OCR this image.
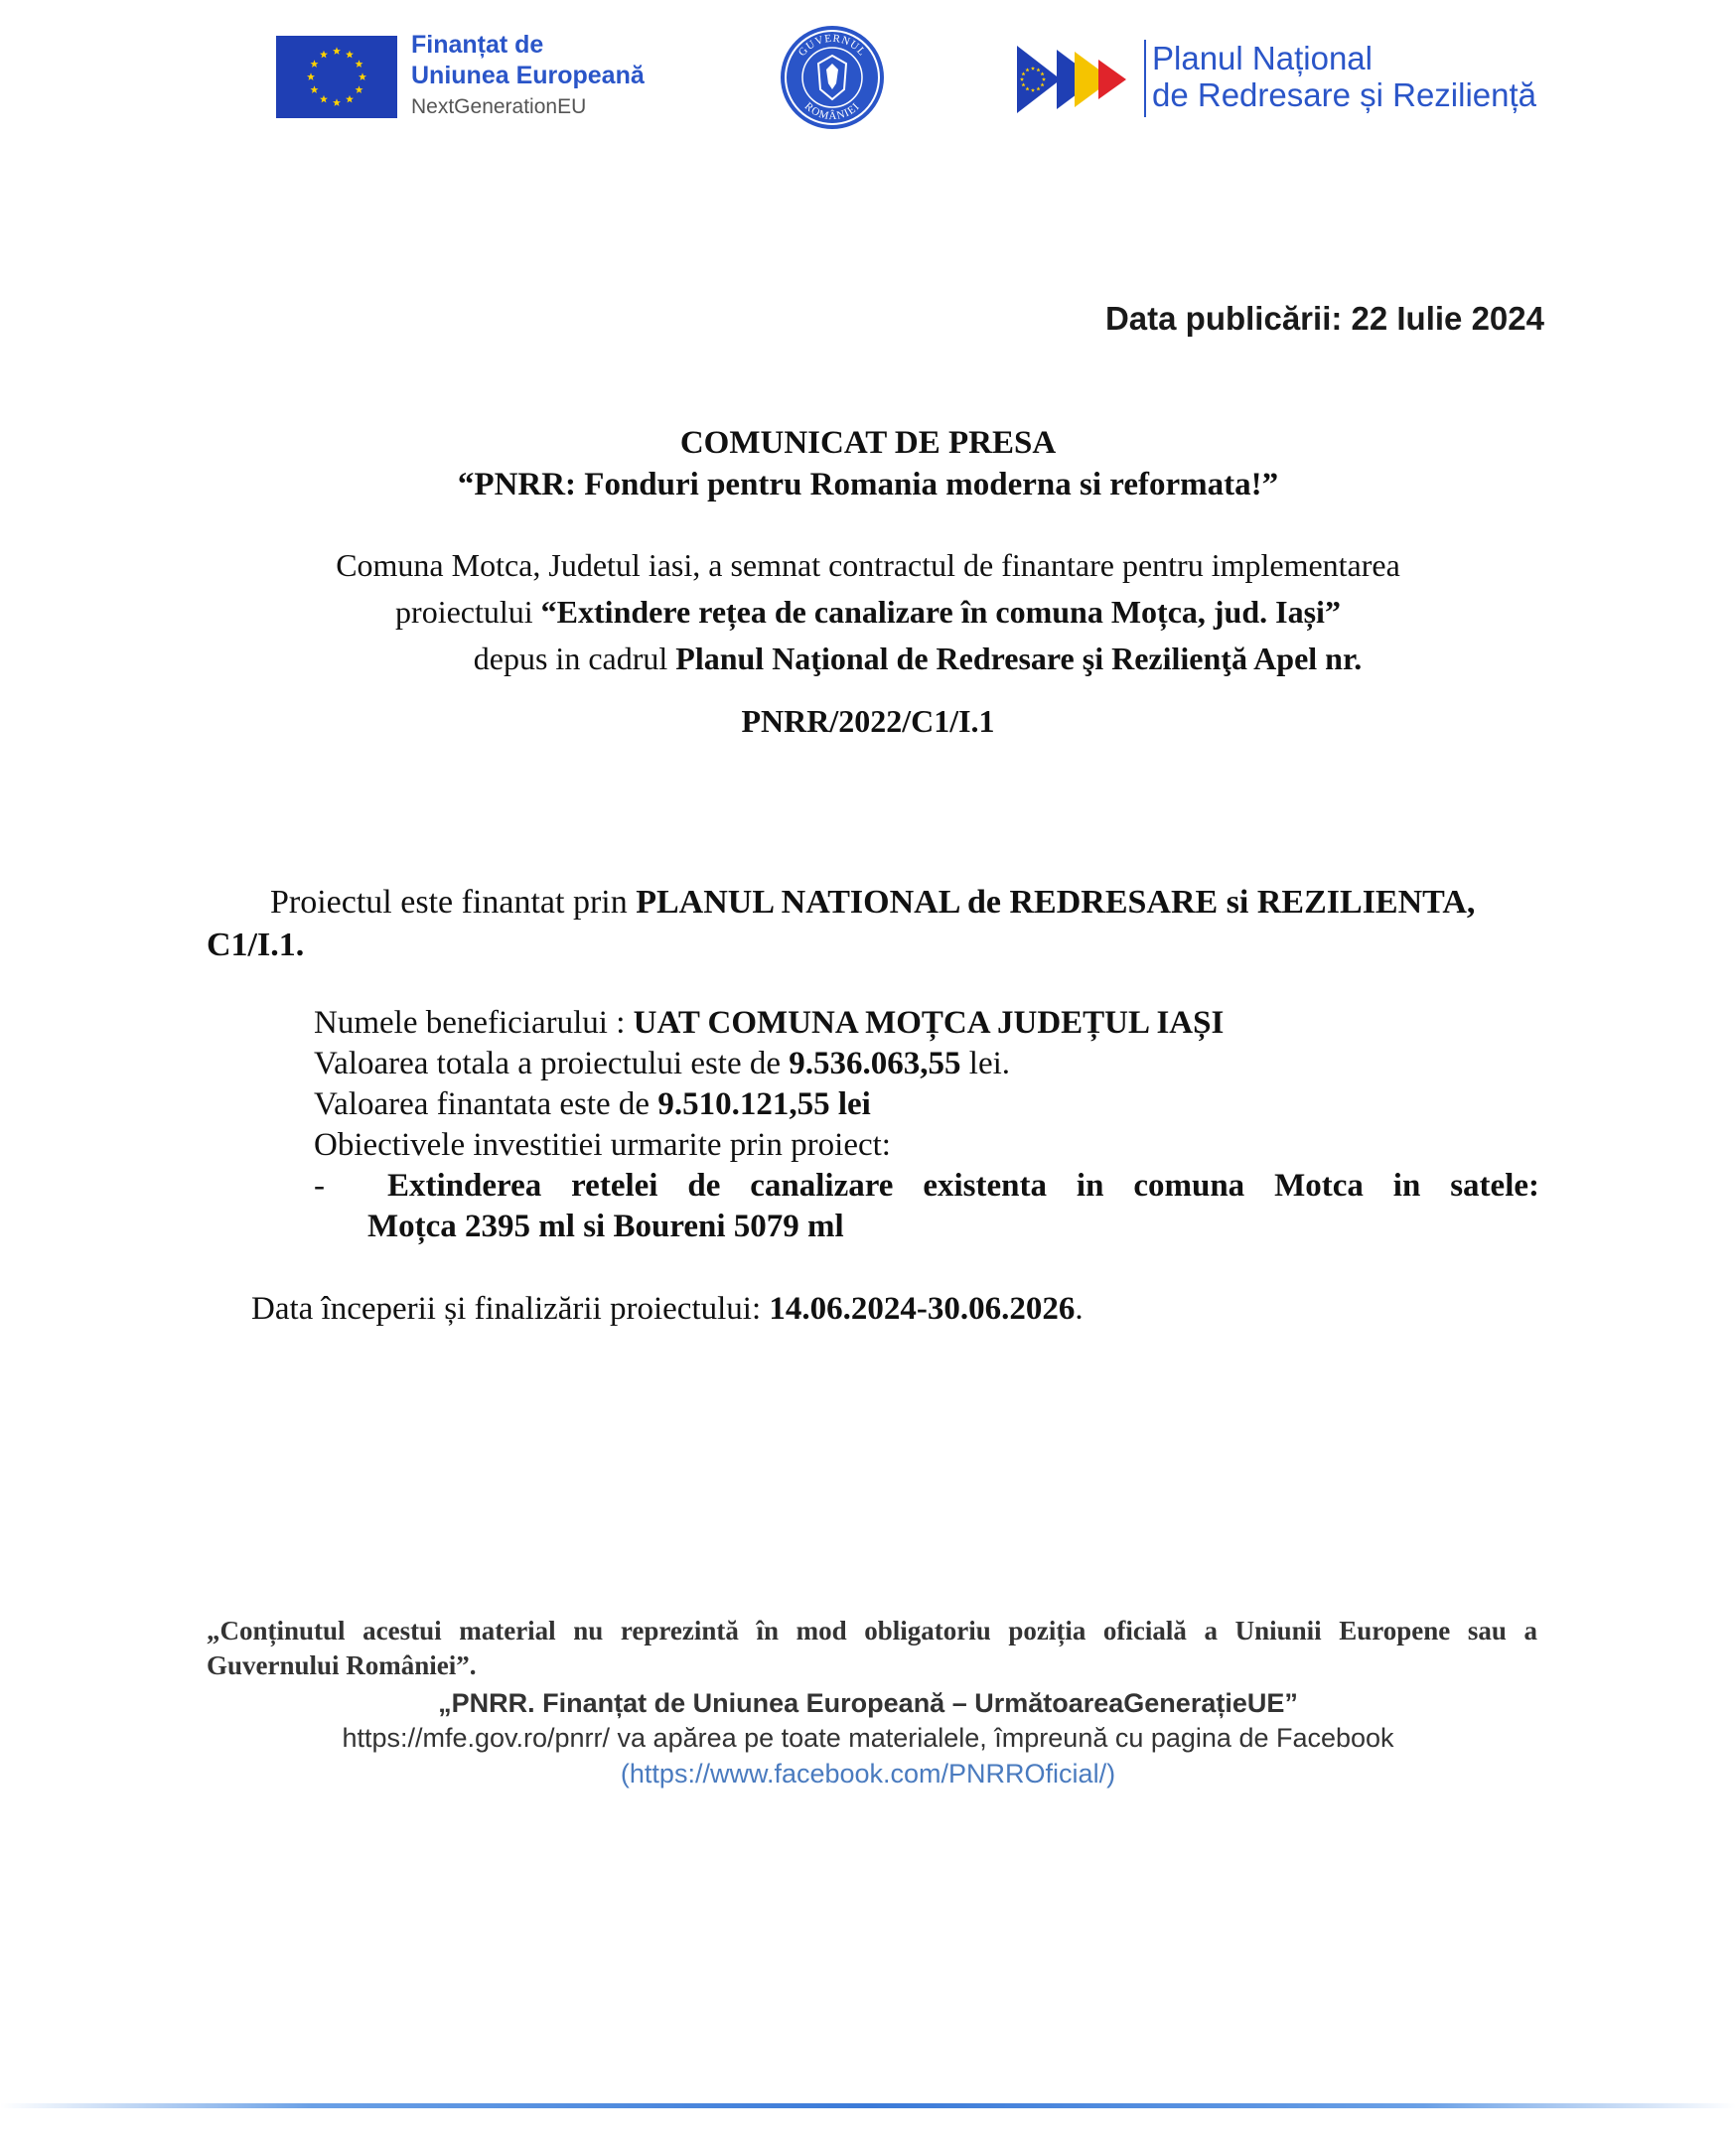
Finanțat de
Uniunea Europeană
NextGenerationEU
GUVERNUL
ROMÂNIEI
Planul Național
de Redresare și Reziliență
Data publicării: 22 Iulie 2024
COMUNICAT DE PRESA
“PNRR: Fonduri pentru Romania moderna si reformata!”
Comuna Motca, Judetul iasi, a semnat contractul de finantare pentru implementarea
proiectului “Extindere rețea de canalizare în comuna Moțca, jud. Iași”
depus in cadrul Planul Naţional de Redresare şi Rezilienţă Apel nr.
PNRR/2022/C1/I.1
Proiectul este finantat prin PLANUL NATIONAL de REDRESARE si REZILIENTA,
C1/I.1.
Numele beneficiarului : UAT COMUNA MOȚCA JUDEȚUL IAȘI
Valoarea totala a proiectului este de 9.536.063,55 lei.
Valoarea finantata este de 9.510.121,55 lei
Obiectivele investitiei urmarite prin proiect:
- Extinderea retelei de canalizare existenta in comuna Motca in satele:
Moțca 2395 ml si Boureni 5079 ml
Data începerii și finalizării proiectului: 14.06.2024-30.06.2026.
„Conținutul acestui material nu reprezintă în mod obligatoriu poziția oficială a Uniunii Europene sau a
Guvernului României”.
„PNRR. Finanțat de Uniunea Europeană – UrmătoareaGenerațieUE”
https://mfe.gov.ro/pnrr/ va apărea pe toate materialele, împreună cu pagina de Facebook
(https://www.facebook.com/PNRROficial/)
